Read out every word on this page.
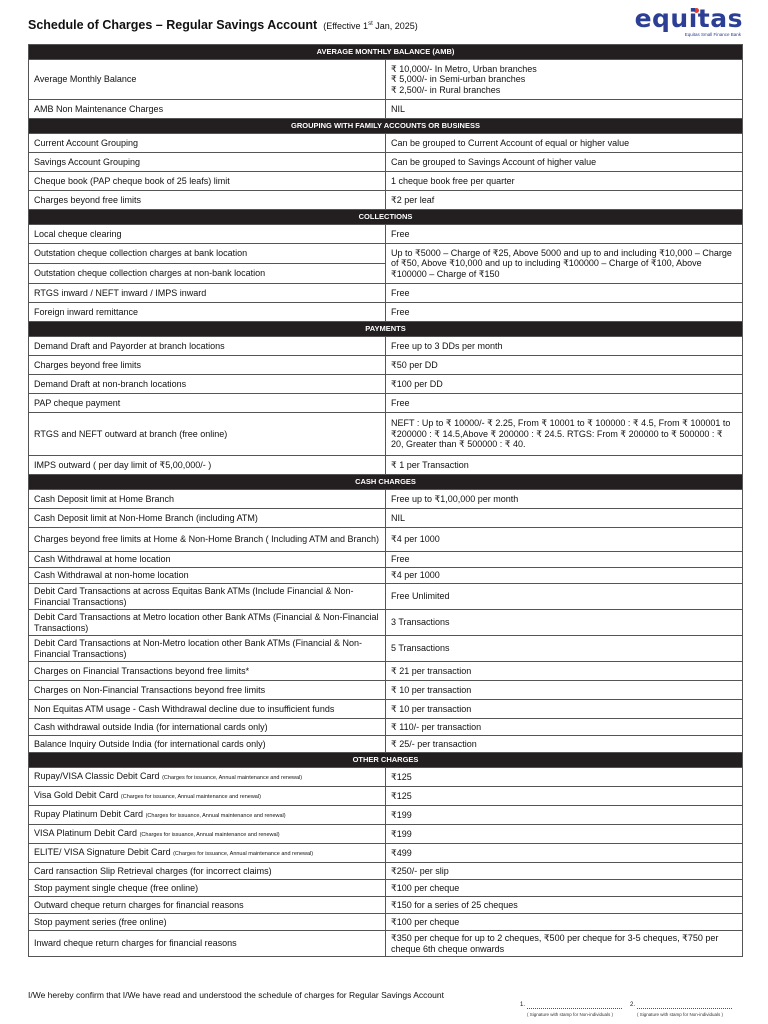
Schedule of Charges – Regular Savings Account (Effective 1st Jan, 2025)	equitas
Equitas Small Finance Bank
AVERAGE MONTHLY BALANCE (AMB)	
Average Monthly Balance	₹ 10,000/- In Metro, Urban branches
₹ 5,000/- in Semi-urban branches
₹ 2,500/- in Rural branches

AMB Non Maintenance Charges	NIL
GROUPING WITH FAMILY ACCOUNTS OR BUSINESS	
Current Account Grouping	Can be grouped to Current Account of equal or higher value
Savings Account Grouping	Can be grouped to Savings Account of higher value
Cheque book (PAP cheque book of 25 leafs) limit	1 cheque book free per quarter
Charges beyond free limits	₹2 per leaf
COLLECTIONS	
Local cheque clearing	Free
Outstation cheque collection charges at bank location	Up to ₹5000 – Charge of ₹25, Above 5000 and up to and including ₹10,000 – Charge of ₹50, Above ₹10,000 and up to including ₹100000 – Charge of ₹100, Above ₹100000 – Charge of ₹150
Outstation cheque collection charges at non-bank location	
RTGS inward / NEFT inward / IMPS inward	Free
Foreign inward remittance	Free
PAYMENTS	
Demand Draft and Payorder at branch locations	Free up to 3 DDs per month
Charges beyond free limits	₹50 per DD
Demand Draft at non-branch locations	₹100 per DD
PAP cheque payment	Free
RTGS and NEFT outward at branch (free online)	NEFT : Up to ₹ 10000/- ₹ 2.25, From ₹ 10001 to ₹ 100000 : ₹ 4.5, From ₹ 100001 to ₹200000 : ₹ 14.5,Above ₹ 200000 : ₹ 24.5. RTGS: From ₹ 200000 to ₹ 500000 : ₹ 20, Greater than ₹ 500000 : ₹ 40.
IMPS outward ( per day limit of ₹5,00,000/- )	₹ 1 per Transaction
CASH CHARGES	
Cash Deposit limit at Home Branch	Free up to ₹1,00,000 per month
Cash Deposit limit at Non-Home Branch (including ATM)	NIL
Charges beyond free limits at Home & Non-Home Branch ( Including ATM and Branch)	₹4 per 1000
Cash Withdrawal at home location	Free
Cash Withdrawal at non-home location	₹4 per 1000
Debit Card Transactions at across Equitas Bank ATMs (Include Financial & Non-Financial Transactions)	Free Unlimited
Debit Card Transactions at Metro location other Bank ATMs (Financial & Non-Financial Transactions)	3 Transactions
Debit Card Transactions at Non-Metro location other Bank ATMs (Financial & Non-Financial Transactions)	5 Transactions
Charges on Financial Transactions beyond free limits*	₹ 21 per transaction
Charges on Non-Financial Transactions beyond free limits	₹ 10 per transaction
Non Equitas ATM usage - Cash Withdrawal decline due to insufficient funds	₹ 10 per transaction
Cash withdrawal outside India (for international cards only)	₹ 110/- per transaction
Balance Inquiry Outside India (for international cards only)	₹ 25/- per transaction
OTHER CHARGES	
Rupay/VISA Classic Debit Card (Charges for issuance, Annual maintenance and renewal)	₹125
Visa Gold Debit Card (Charges for issuance, Annual maintenance and renewal)	₹125
Rupay Platinum Debit Card (Charges for issuance, Annual maintenance and renewal)	₹199
VISA Platinum Debit Card (Charges for issuance, Annual maintenance and renewal)	₹199
ELITE/ VISA Signature Debit Card (Charges for issuance, Annual maintenance and renewal)	₹499
Card ransaction Slip Retrieval charges (for incorrect claims)	₹250/- per slip
Stop payment single cheque (free online)	₹100 per cheque
Outward cheque return charges for financial reasons	₹150 for a series of 25 cheques
Stop payment series (free online)	₹100 per cheque
Inward cheque return charges for financial reasons	₹350 per cheque for up to 2 cheques, ₹500 per cheque for 3-5 cheques, ₹750 per cheque 6th cheque onwards
I/We hereby confirm that I/We have read and understood the schedule of charges for Regular Savings Account
1.
( Signature with stamp for Non-individuals )
2.
( Signature with stamp for Non-individuals )
